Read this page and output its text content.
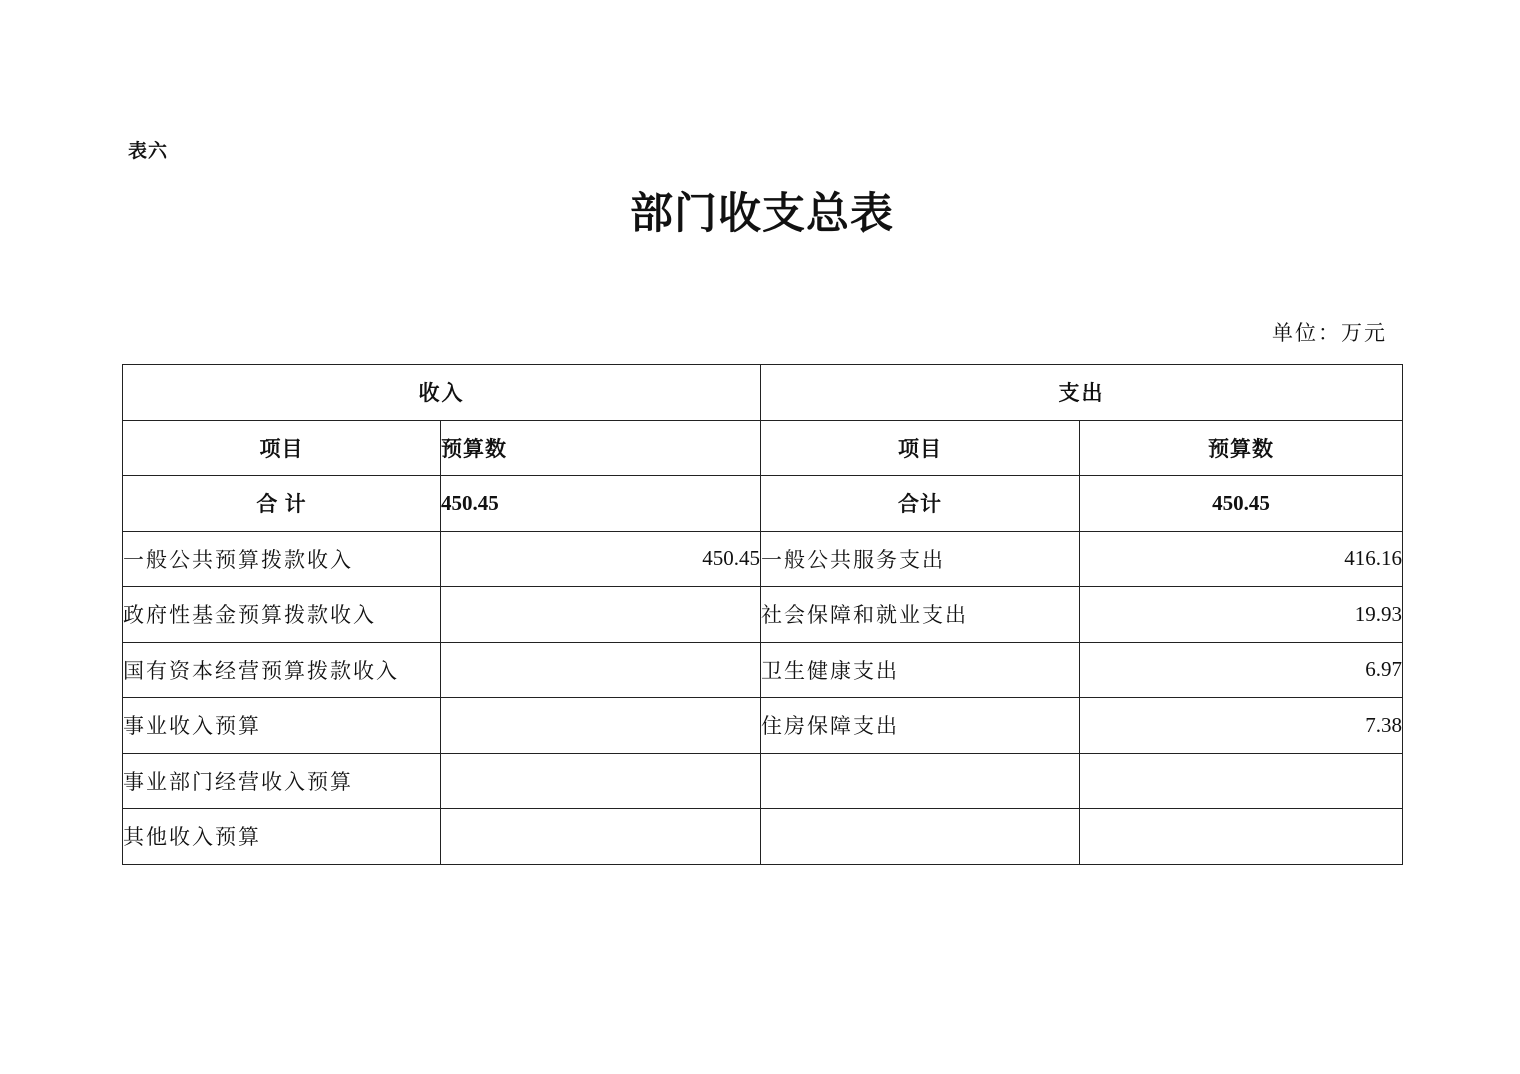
表六
部门收支总表
单位：万元
收入		支出	
项目	预算数	项目	预算数
合 计	450.45	合计	450.45
一般公共预算拨款收入	450.45	一般公共服务支出	416.16
政府性基金预算拨款收入		社会保障和就业支出	19.93
国有资本经营预算拨款收入		卫生健康支出	6.97
事业收入预算		住房保障支出	7.38
事业部门经营收入预算			
其他收入预算			
